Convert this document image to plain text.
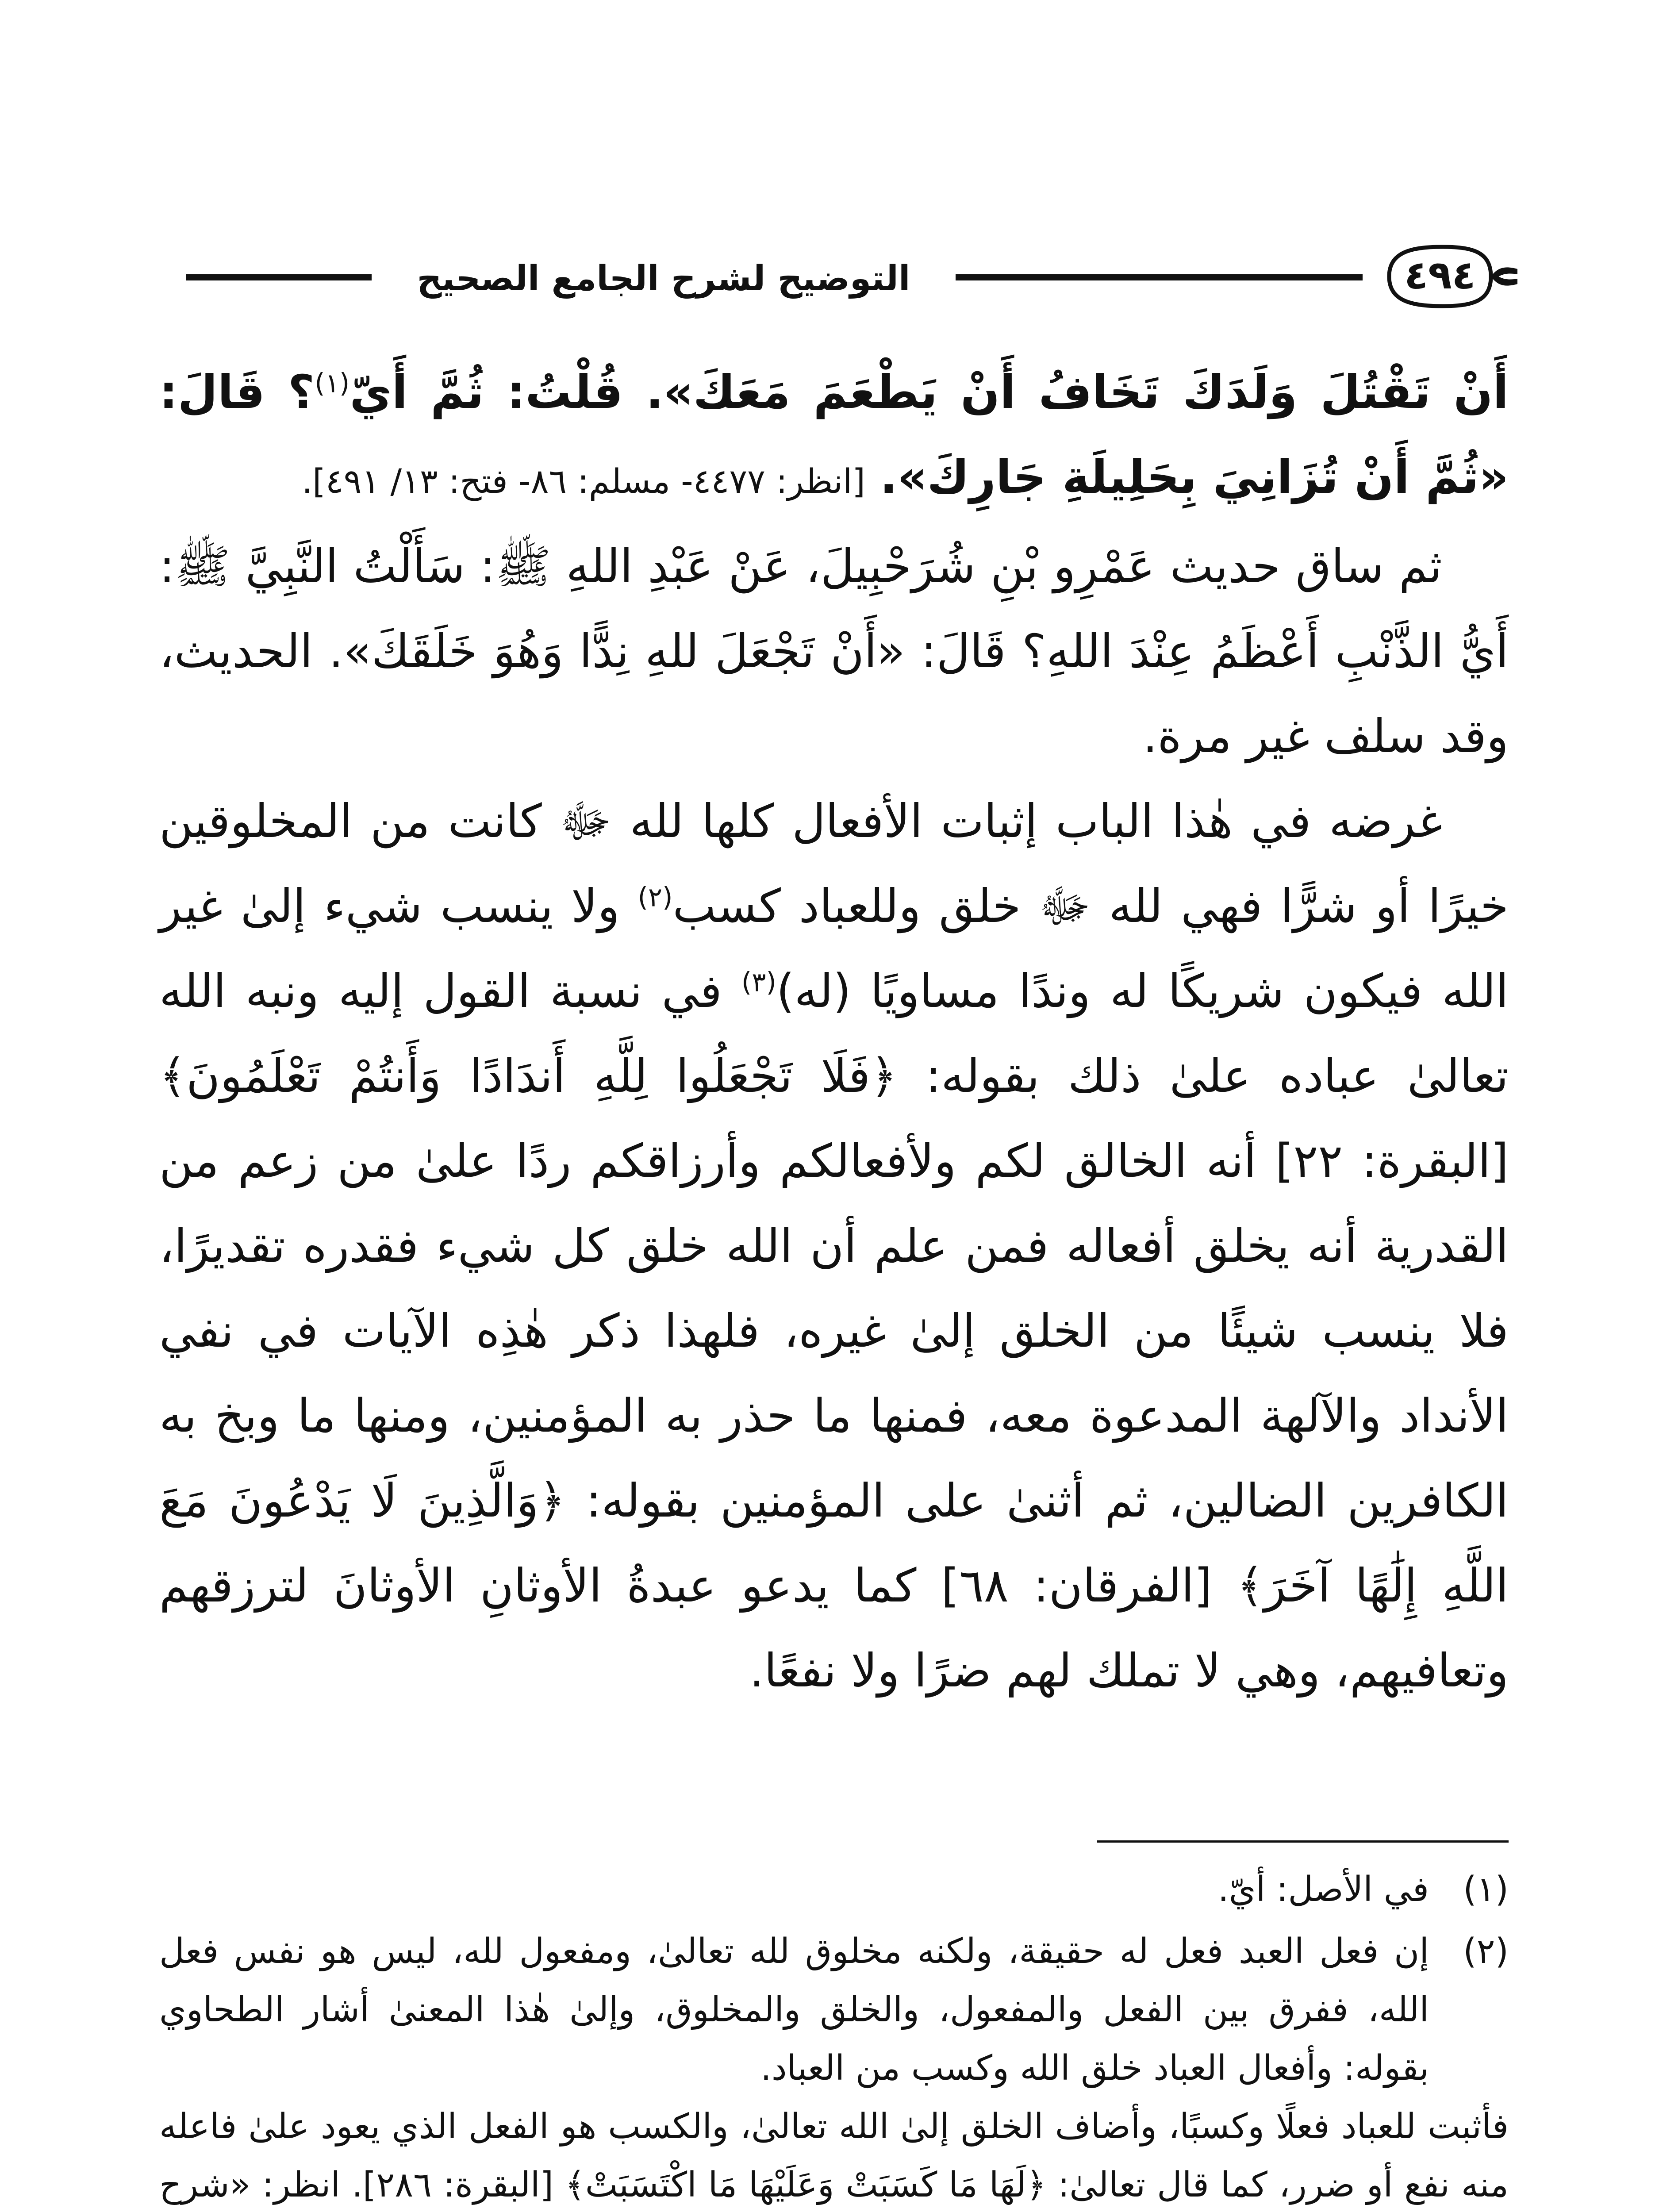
التوضيح لشرح الجامع الصحيح	٤٩٤

أَنْ تَقْتُلَ وَلَدَكَ تَخَافُ أَنْ يَطْعَمَ مَعَكَ». قُلْتُ: ثُمَّ أَيّ$^{(١)}$؟ قَالَ: «ثُمَّ أَنْ تُزَانِيَ بِحَلِيلَةِ جَارِكَ». [انظر: ٤٤٧٧- مسلم: ٨٦- فتح: ١٣/ ٤٩١].

ثم ساق حديث عَمْرِو بْنِ شُرَحْبِيلَ، عَنْ عَبْدِ اللهِ ﷺ: سَأَلْتُ النَّبِيَّ ﷺ: أَيُّ الذَّنْبِ أَعْظَمُ عِنْدَ اللهِ؟ قَالَ: «أَنْ تَجْعَلَ للهِ نِدًّا وَهُوَ خَلَقَكَ». الحديث، وقد سلف غير مرة.

غرضه في هٰذا الباب إثبات الأفعال كلها لله ﷻ كانت من المخلوقين خيرًا أو شرًّا فهي لله ﷻ خلق وللعباد كسب$^{(٢)}$ ولا ينسب شيء إلىٰ غير الله فيكون شريكًا له وندًا مساويًا (له)$^{(٣)}$ في نسبة القول إليه ونبه الله تعالىٰ عباده علىٰ ذلك بقوله: ﴿فَلَا تَجْعَلُوا لِلَّهِ أَندَادًا وَأَنتُمْ تَعْلَمُونَ﴾ [البقرة: ٢٢] أنه الخالق لكم ولأفعالكم وأرزاقكم ردًا علىٰ من زعم من القدرية أنه يخلق أفعاله فمن علم أن الله خلق كل شيء فقدره تقديرًا، فلا ينسب شيئًا من الخلق إلىٰ غيره، فلهذا ذكر هٰذِه الآيات في نفي الأنداد والآلهة المدعوة معه، فمنها ما حذر به المؤمنين، ومنها ما وبخ به الكافرين الضالين، ثم أثنىٰ على المؤمنين بقوله: ﴿وَالَّذِينَ لَا يَدْعُونَ مَعَ اللَّهِ إِلَٰهًا آخَرَ﴾ [الفرقان: ٦٨] كما يدعو عبدةُ الأوثانِ الأوثانَ لترزقهم وتعافيهم، وهي لا تملك لهم ضرًا ولا نفعًا.

(١)

في الأصل: أيّ.

(٢)

إن فعل العبد فعل له حقيقة، ولكنه مخلوق لله تعالىٰ، ومفعول لله، ليس هو نفس فعل الله، ففرق بين الفعل والمفعول، والخلق والمخلوق، وإلىٰ هٰذا المعنىٰ أشار الطحاوي بقوله: وأفعال العباد خلق الله وكسب من العباد.

فأثبت للعباد فعلًا وكسبًا، وأضاف الخلق إلىٰ الله تعالىٰ، والكسب هو الفعل الذي يعود علىٰ فاعله منه نفع أو ضرر، كما قال تعالىٰ: ﴿لَهَا مَا كَسَبَتْ وَعَلَيْهَا مَا اكْتَسَبَتْ﴾ [البقرة: ٢٨٦]. انظر: «شرح
